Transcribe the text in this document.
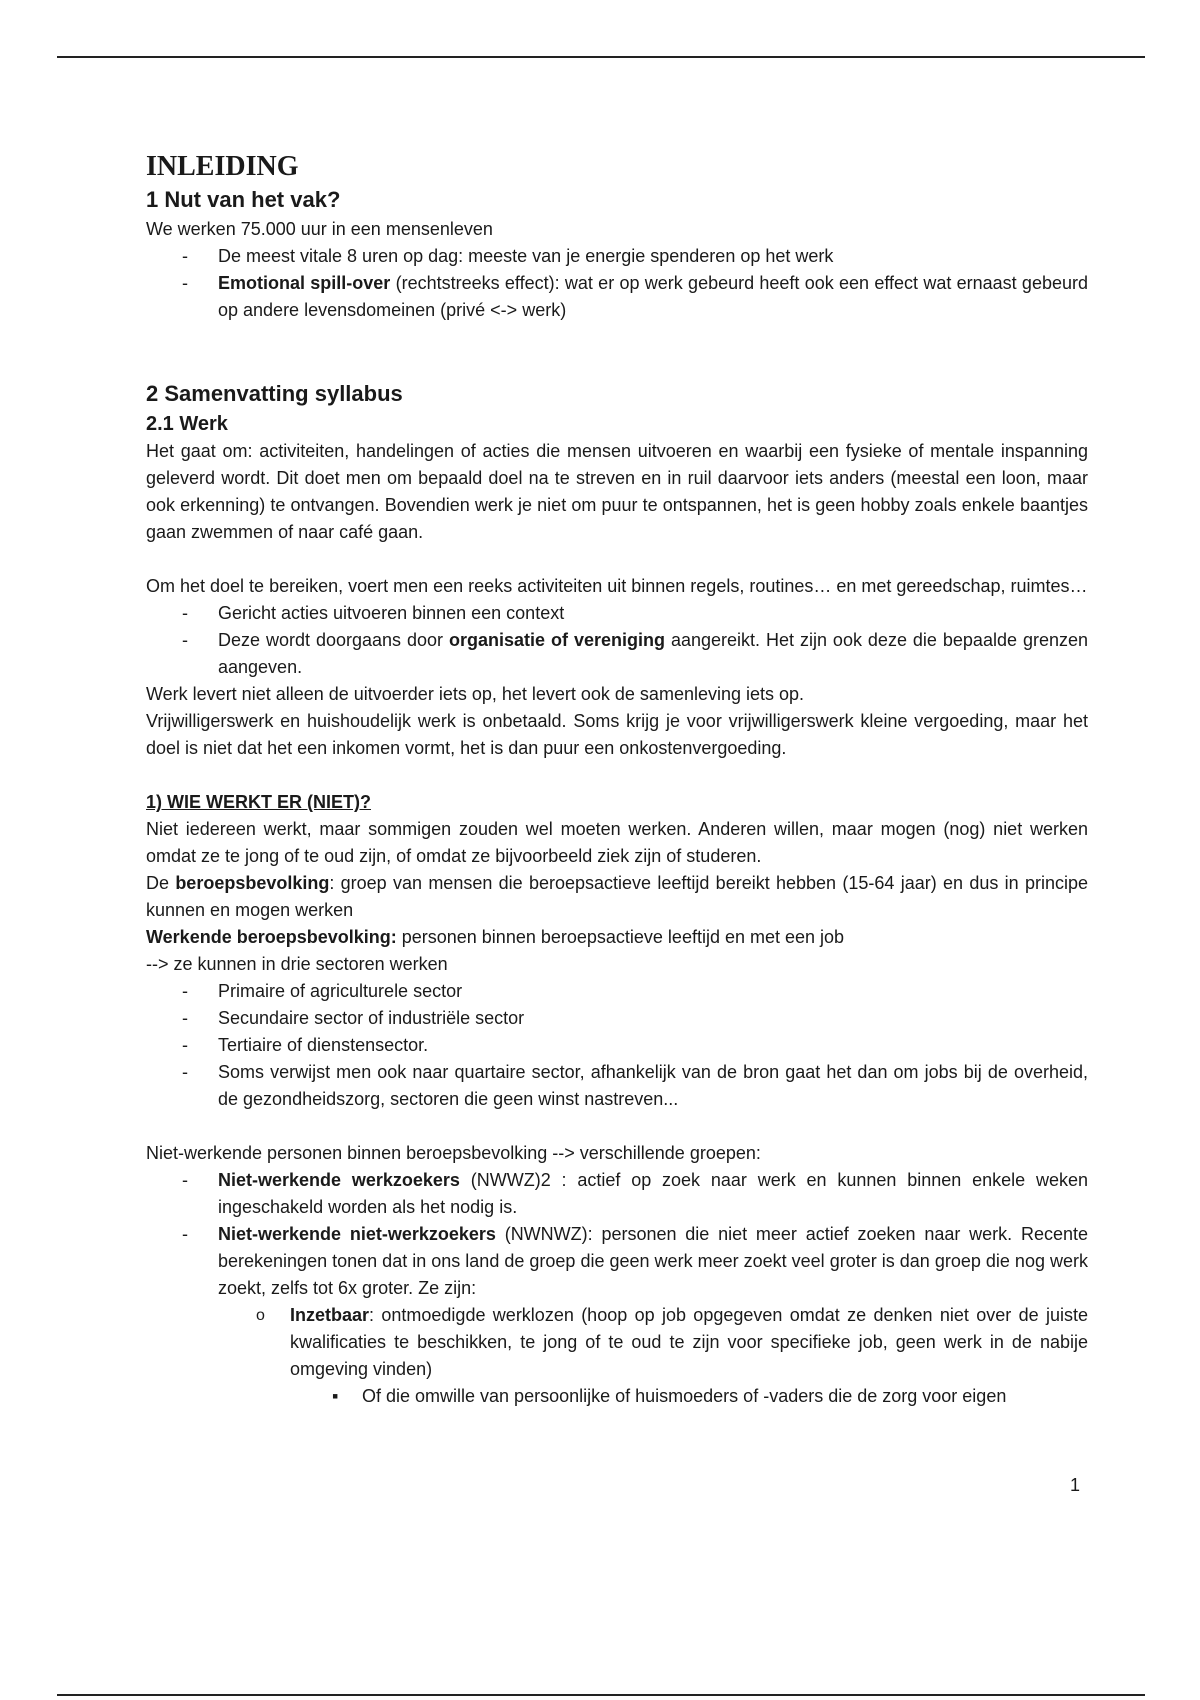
INLEIDING
1 Nut van het vak?

We werken 75.000 uur in een mensenleven

- De meest vitale 8 uren op dag: meeste van je energie spenderen op het werk
- Emotional spill-over (rechtstreeks effect): wat er op werk gebeurd heeft ook een effect wat ernaast gebeurd op andere levensdomeinen (privé <-> werk)
2 Samenvatting syllabus
2.1 Werk

Het gaat om: activiteiten, handelingen of acties die mensen uitvoeren en waarbij een fysieke of mentale inspanning geleverd wordt. Dit doet men om bepaald doel na te streven en in ruil daarvoor iets anders (meestal een loon, maar ook erkenning) te ontvangen. Bovendien werk je niet om puur te ontspannen, het is geen hobby zoals enkele baantjes gaan zwemmen of naar café gaan.

Om het doel te bereiken, voert men een reeks activiteiten uit binnen regels, routines… en met gereedschap, ruimtes…

- Gericht acties uitvoeren binnen een context
- Deze wordt doorgaans door organisatie of vereniging aangereikt. Het zijn ook deze die bepaalde grenzen aangeven.

Werk levert niet alleen de uitvoerder iets op, het levert ook de samenleving iets op.

Vrijwilligerswerk en huishoudelijk werk is onbetaald. Soms krijg je voor vrijwilligerswerk kleine vergoeding, maar het doel is niet dat het een inkomen vormt, het is dan puur een onkostenvergoeding.

1) WIE WERKT ER (NIET)?

Niet iedereen werkt, maar sommigen zouden wel moeten werken. Anderen willen, maar mogen (nog) niet werken omdat ze te jong of te oud zijn, of omdat ze bijvoorbeeld ziek zijn of studeren.

De beroepsbevolking: groep van mensen die beroepsactieve leeftijd bereikt hebben (15-64 jaar) en dus in principe kunnen en mogen werken

Werkende beroepsbevolking: personen binnen beroepsactieve leeftijd en met een job

--> ze kunnen in drie sectoren werken

- Primaire of agriculturele sector
- Secundaire sector of industriële sector
- Tertiaire of dienstensector.
- Soms verwijst men ook naar quartaire sector, afhankelijk van de bron gaat het dan om jobs bij de overheid, de gezondheidszorg, sectoren die geen winst nastreven...

Niet-werkende personen binnen beroepsbevolking --> verschillende groepen:

- Niet-werkende werkzoekers (NWWZ)2 : actief op zoek naar werk en kunnen binnen enkele weken ingeschakeld worden als het nodig is.
- Niet-werkende niet-werkzoekers (NWNWZ): personen die niet meer actief zoeken naar werk. Recente berekeningen tonen dat in ons land de groep die geen werk meer zoekt veel groter is dan groep die nog werk zoekt, zelfs tot 6x groter. Ze zijn:
o Inzetbaar: ontmoedigde werklozen (hoop op job opgegeven omdat ze denken niet over de juiste kwalificaties te beschikken, te jong of te oud te zijn voor specifieke job, geen werk in de nabije omgeving vinden)
▪ Of die omwille van persoonlijke of huismoeders of -vaders die de zorg voor eigen
1
